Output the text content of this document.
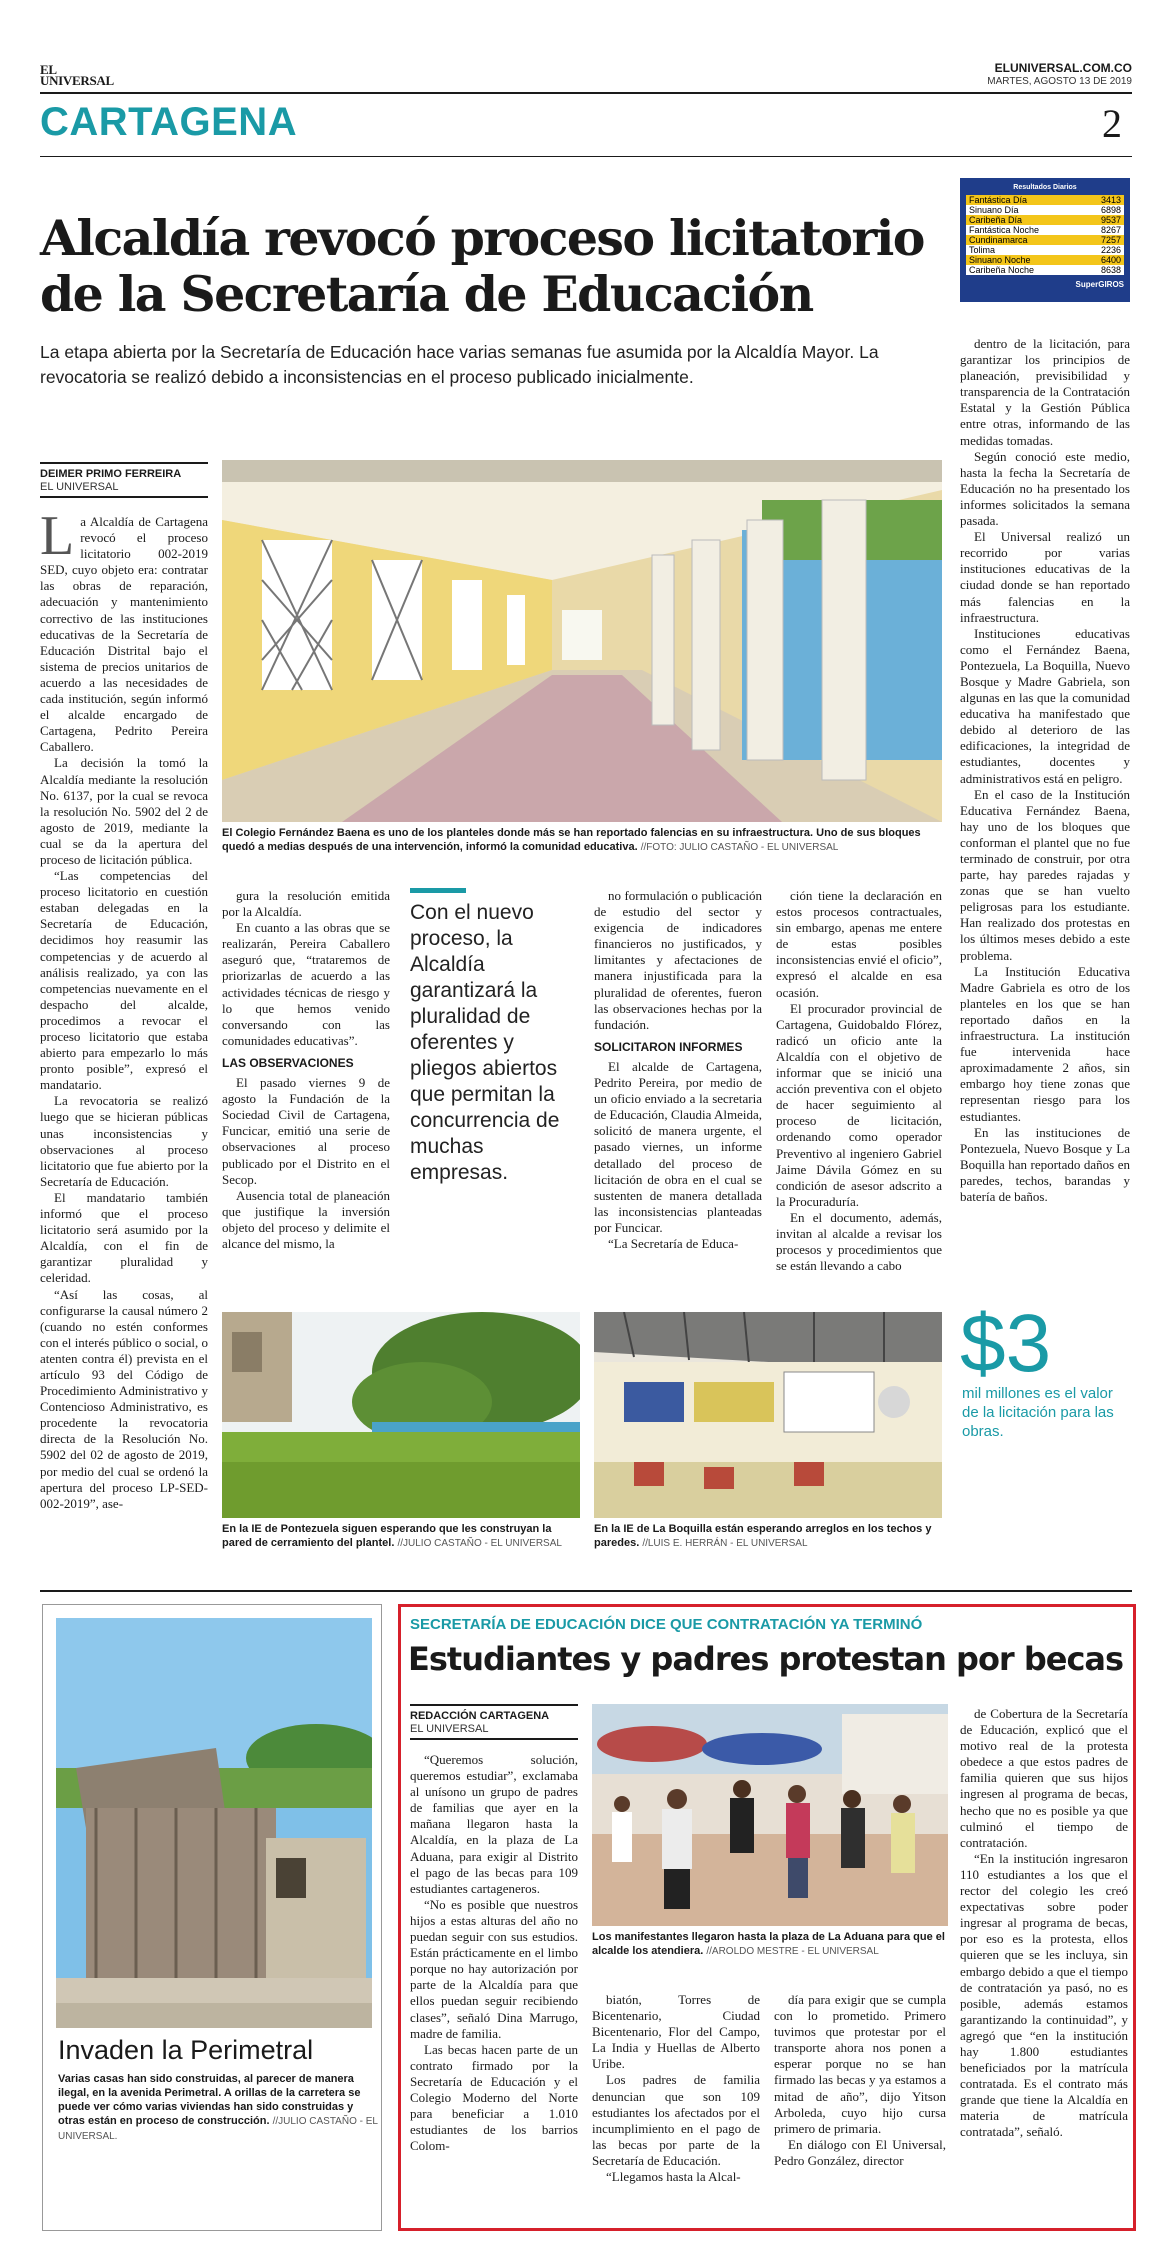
EL
UNIVERSAL
ELUNIVERSAL.COM.CO
MARTES, AGOSTO 13 DE 2019
CARTAGENA	2
Resultados Diarios
Fantástica Día	3413
Sinuano Día	6898
Caribeña Día	9537
Fantástica Noche	8267
Cundinamarca	7257
Tolima	2236
Sinuano Noche	6400
Caribeña Noche	8638
SuperGIROS
Alcaldía revocó proceso licitatorio de la Secretaría de Educación
La etapa abierta por la Secretaría de Educación hace varias semanas fue asumida por la Alcaldía Mayor. La revocatoria se realizó debido a inconsistencias en el proceso publicado inicialmente.
DEIMER PRIMO FERREIRA
EL UNIVERSAL
L a Alcaldía de Cartagena revocó el proceso licitatorio 002-2019 SED, cuyo objeto era: contratar las obras de reparación, adecuación y mantenimiento correctivo de las instituciones educativas de la Secretaría de Educación Distrital bajo el sistema de precios unitarios de acuerdo a las necesidades de cada institución, según informó el alcalde encargado de Cartagena, Pedrito Pereira Caballero.

La decisión la tomó la Alcaldía mediante la resolución No. 6137, por la cual se revoca la resolución No. 5902 del 2 de agosto de 2019, mediante la cual se da la apertura del proceso de licitación pública.

“Las competencias del proceso licitatorio en cuestión estaban delegadas en la Secretaría de Educación, decidimos hoy reasumir las competencias y de acuerdo al análisis realizado, ya con las competencias nuevamente en el despacho del alcalde, procedimos a revocar el proceso licitatorio que estaba abierto para empezarlo lo más pronto posible”, expresó el mandatario.

La revocatoria se realizó luego que se hicieran públicas unas inconsistencias y observaciones al proceso licitatorio que fue abierto por la Secretaría de Educación.

El mandatario también informó que el proceso licitatorio será asumido por la Alcaldía, con el fin de garantizar pluralidad y celeridad.

“Así las cosas, al configurarse la causal número 2 (cuando no estén conformes con el interés público o social, o atenten contra él) prevista en el artículo 93 del Código de Procedimiento Administrativo y Contencioso Administrativo, es procedente la revocatoria directa de la Resolución No. 5902 del 02 de agosto de 2019, por medio del cual se ordenó la apertura del proceso LP-SED-002-2019”, ase-

El Colegio Fernández Baena es uno de los planteles donde más se han reportado falencias en su infraestructura. Uno de sus bloques quedó a medias después de una intervención, informó la comunidad educativa. //FOTO: JULIO CASTAÑO - EL UNIVERSAL

gura la resolución emitida por la Alcaldía.

En cuanto a las obras que se realizarán, Pereira Caballero aseguró que, “trataremos de priorizarlas de acuerdo a las actividades técnicas de riesgo y lo que hemos venido conversando con las comunidades educativas”.

LAS OBSERVACIONES

El pasado viernes 9 de agosto la Fundación de la Sociedad Civil de Cartagena, Funcicar, emitió una serie de observaciones al proceso publicado por el Distrito en el Secop.

Ausencia total de planeación que justifique la inversión objeto del proceso y delimite el alcance del mismo, la

Con el nuevo proceso, la Alcaldía garantizará la pluralidad de oferentes y pliegos abiertos que permitan la concurrencia de muchas empresas.

no formulación o publicación de estudio del sector y exigencia de indicadores financieros no justificados, y limitantes y afectaciones de manera injustificada para la pluralidad de oferentes, fueron las observaciones hechas por la fundación.

SOLICITARON INFORMES

El alcalde de Cartagena, Pedrito Pereira, por medio de un oficio enviado a la secretaria de Educación, Claudia Almeida, solicitó de manera urgente, el pasado viernes, un informe detallado del proceso de licitación de obra en el cual se sustenten de manera detallada las inconsistencias planteadas por Funcicar.

“La Secretaría de Educa-

ción tiene la declaración en estos procesos contractuales, sin embargo, apenas me entere de estas posibles inconsistencias envié el oficio”, expresó el alcalde en esa ocasión.

El procurador provincial de Cartagena, Guidobaldo Flórez, radicó un oficio ante la Alcaldía con el objetivo de informar que se inició una acción preventiva con el objeto de hacer seguimiento al proceso de licitación, ordenando como operador Preventivo al ingeniero Gabriel Jaime Dávila Gómez en su condición de asesor adscrito a la Procuraduría.

En el documento, además, invitan al alcalde a revisar los procesos y procedimientos que se están llevando a cabo

dentro de la licitación, para garantizar los principios de planeación, previsibilidad y transparencia de la Contratación Estatal y la Gestión Pública entre otras, informando de las medidas tomadas.

Según conoció este medio, hasta la fecha la Secretaría de Educación no ha presentado los informes solicitados la semana pasada.

El Universal realizó un recorrido por varias instituciones educativas de la ciudad donde se han reportado más falencias en la infraestructura.

Instituciones educativas como el Fernández Baena, Pontezuela, La Boquilla, Nuevo Bosque y Madre Gabriela, son algunas en las que la comunidad educativa ha manifestado que debido al deterioro de las edificaciones, la integridad de estudiantes, docentes y administrativos está en peligro.

En el caso de la Institución Educativa Fernández Baena, hay uno de los bloques que conforman el plantel que no fue terminado de construir, por otra parte, hay paredes rajadas y zonas que se han vuelto peligrosas para los estudiante. Han realizado dos protestas en los últimos meses debido a este problema.

La Institución Educativa Madre Gabriela es otro de los planteles en los que se han reportado daños en la infraestructura. La institución fue intervenida hace aproximadamente 2 años, sin embargo hoy tiene zonas que representan riesgo para los estudiantes.

En las instituciones de Pontezuela, Nuevo Bosque y La Boquilla han reportado daños en paredes, techos, barandas y batería de baños.

En la IE de Pontezuela siguen esperando que les construyan la pared de cerramiento del plantel. //JULIO CASTAÑO - EL UNIVERSAL
En la IE de La Boquilla están esperando arreglos en los techos y paredes. //LUIS E. HERRÁN - EL UNIVERSAL
$3
mil millones es el valor de la licitación para las obras.
Invaden la Perimetral
Varias casas han sido construidas, al parecer de manera ilegal, en la avenida Perimetral. A orillas de la carretera se puede ver cómo varias viviendas han sido construidas y otras están en proceso de construcción. //JULIO CASTAÑO - EL UNIVERSAL.
SECRETARÍA DE EDUCACIÓN DICE QUE CONTRATACIÓN YA TERMINÓ
Estudiantes y padres protestan por becas
REDACCIÓN CARTAGENA
EL UNIVERSAL

“Queremos solución, queremos estudiar”, exclamaba al unísono un grupo de padres de familias que ayer en la mañana llegaron hasta la Alcaldía, en la plaza de La Aduana, para exigir al Distrito el pago de las becas para 109 estudiantes cartageneros.

“No es posible que nuestros hijos a estas alturas del año no puedan seguir con sus estudios. Están prácticamente en el limbo porque no hay autorización por parte de la Alcaldía para que ellos puedan seguir recibiendo clases”, señaló Dina Marrugo, madre de familia.

Las becas hacen parte de un contrato firmado por la Secretaría de Educación y el Colegio Moderno del Norte para beneficiar a 1.010 estudiantes de los barrios Colom-

Los manifestantes llegaron hasta la plaza de La Aduana para que el alcalde los atendiera. //AROLDO MESTRE - EL UNIVERSAL

biatón, Torres de Bicentenario, Ciudad Bicentenario, Flor del Campo, La India y Huellas de Alberto Uribe.

Los padres de familia denuncian que son 109 estudiantes los afectados por el incumplimiento en el pago de las becas por parte de la Secretaría de Educación.

“Llegamos hasta la Alcal-

día para exigir que se cumpla con lo prometido. Primero tuvimos que protestar por el transporte ahora nos ponen a esperar porque no se han firmado las becas y ya estamos a mitad de año”, dijo Yitson Arboleda, cuyo hijo cursa primero de primaria.

En diálogo con El Universal, Pedro González, director

de Cobertura de la Secretaría de Educación, explicó que el motivo real de la protesta obedece a que estos padres de familia quieren que sus hijos ingresen al programa de becas, hecho que no es posible ya que culminó el tiempo de contratación.

“En la institución ingresaron 110 estudiantes a los que el rector del colegio les creó expectativas sobre poder ingresar al programa de becas, por eso es la protesta, ellos quieren que se les incluya, sin embargo debido a que el tiempo de contratación ya pasó, no es posible, además estamos garantizando la continuidad”, y agregó que “en la institución hay 1.800 estudiantes beneficiados por la matrícula contratada. Es el contrato más grande que tiene la Alcaldía en materia de matrícula contratada”, señaló.
